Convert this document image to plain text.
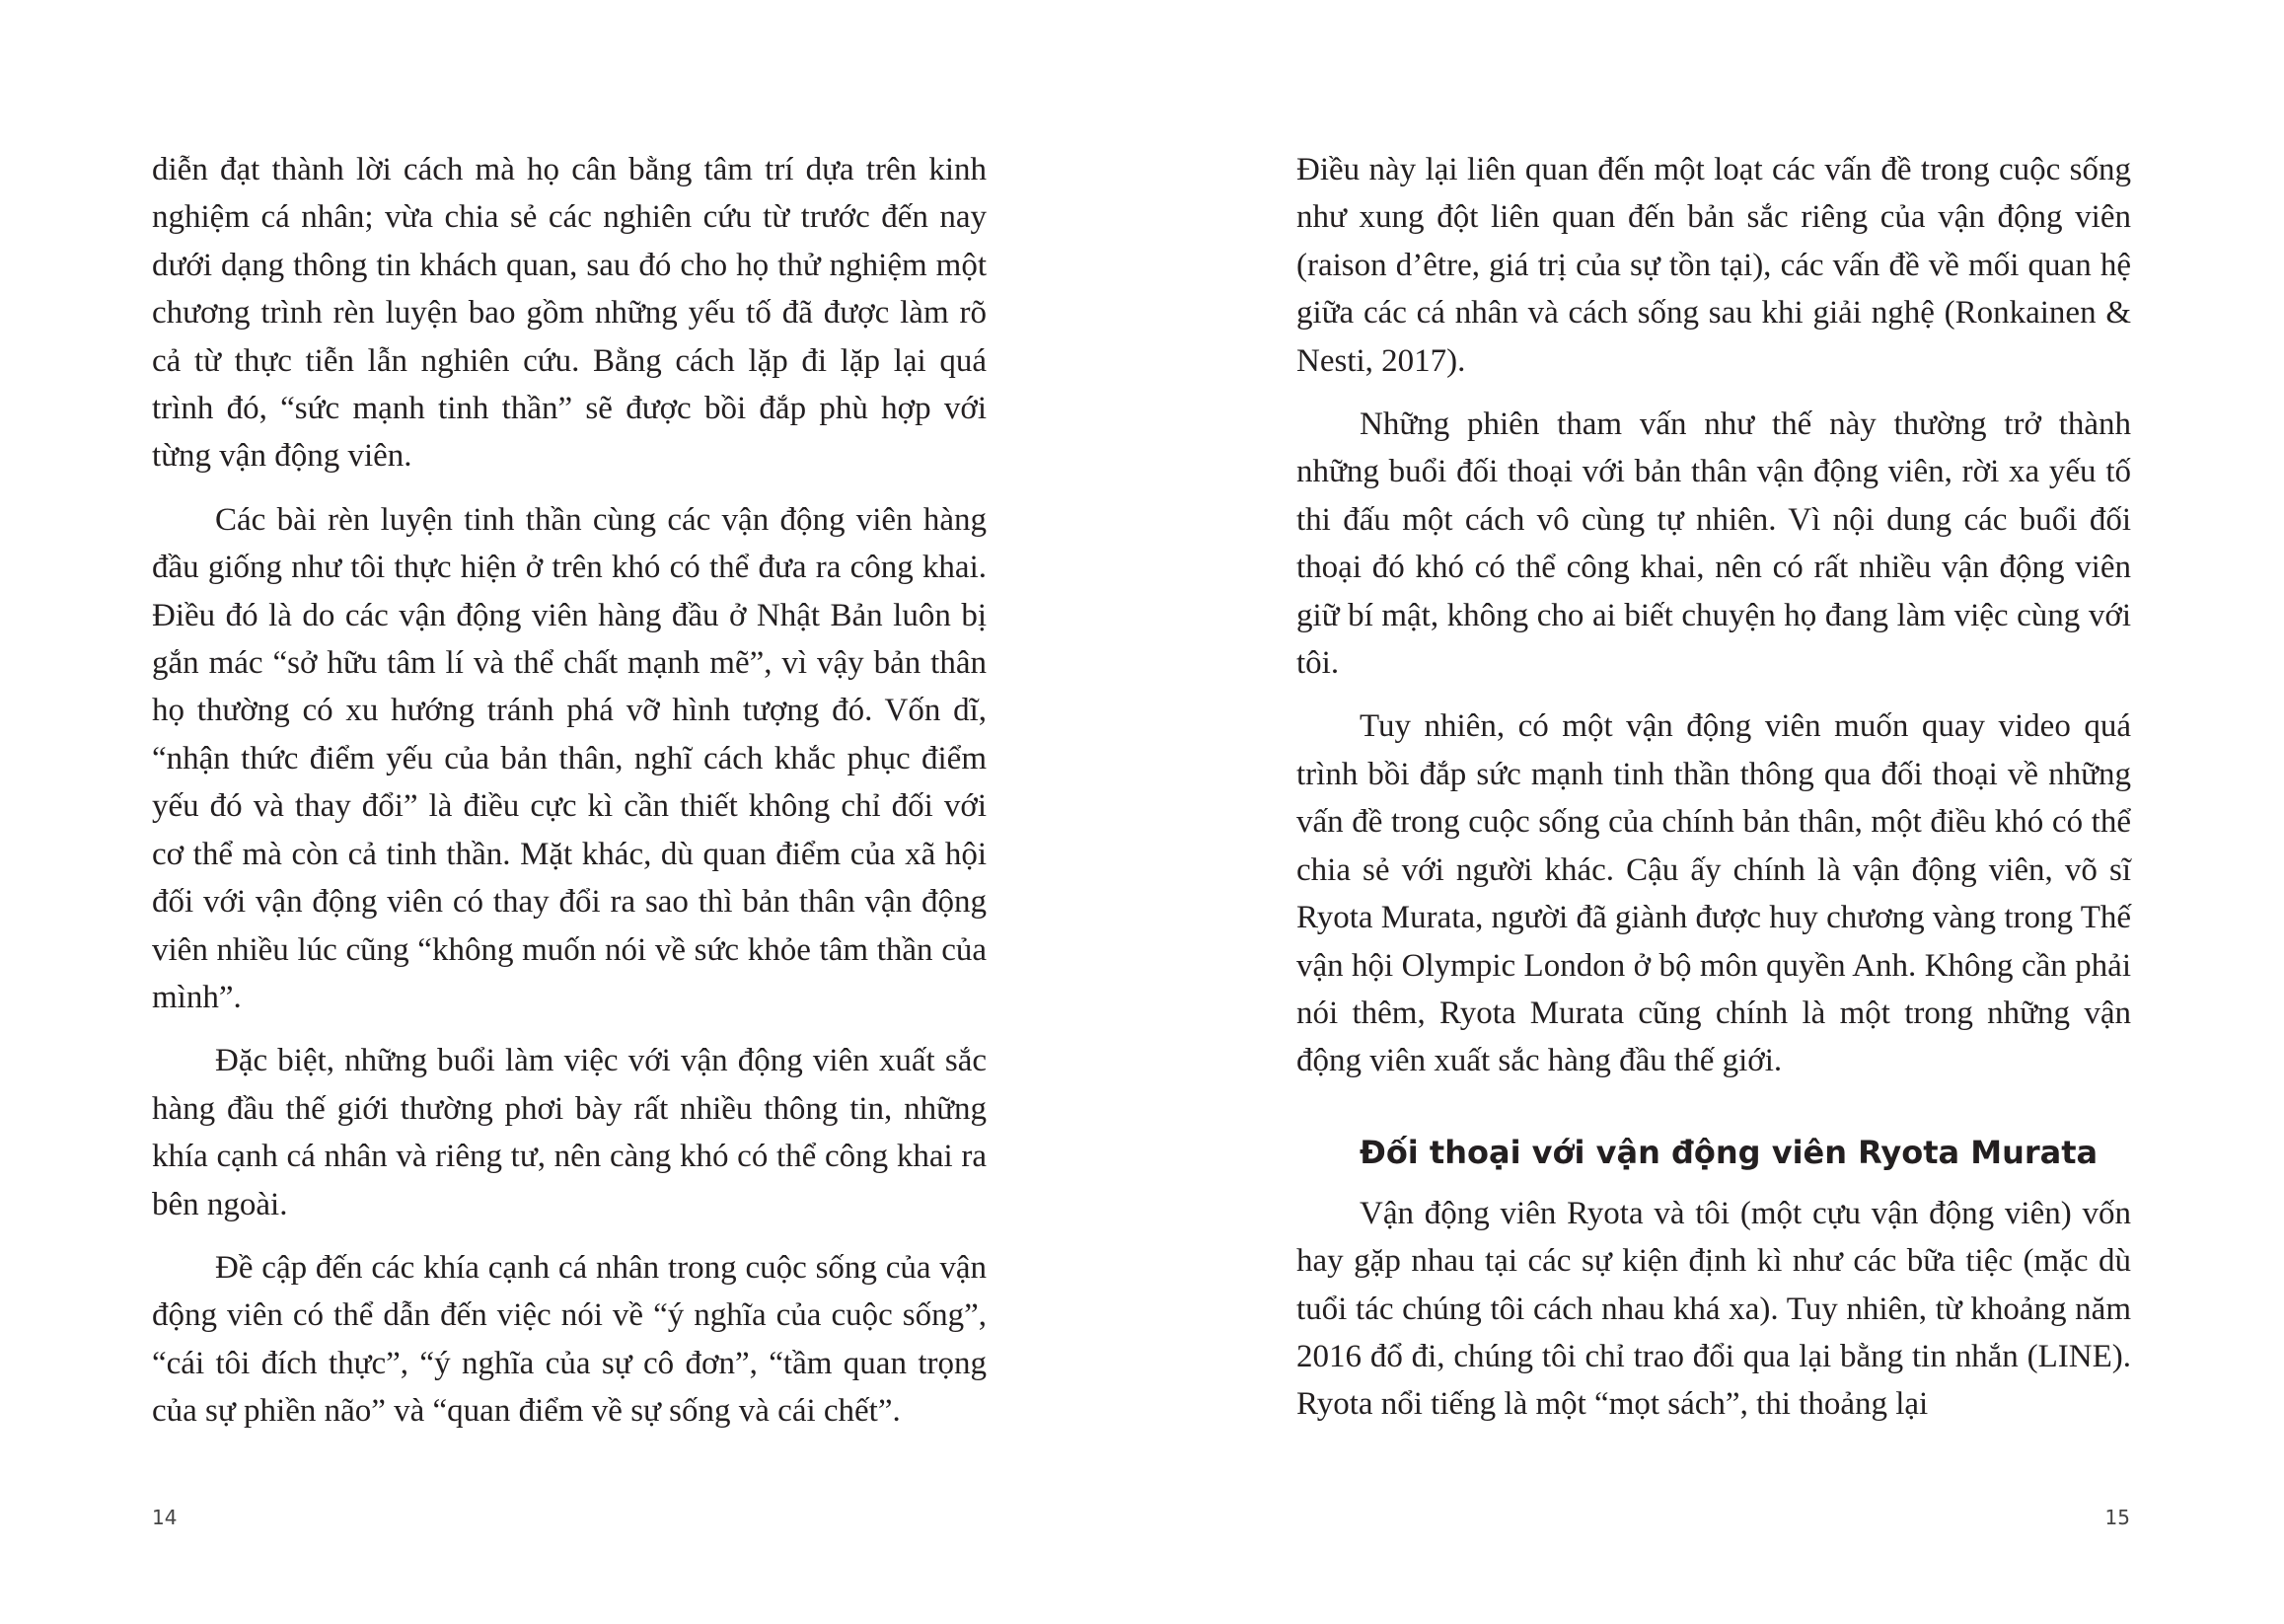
diễn đạt thành lời cách mà họ cân bằng tâm trí dựa trên kinh nghiệm cá nhân; vừa chia sẻ các nghiên cứu từ trước đến nay dưới dạng thông tin khách quan, sau đó cho họ thử nghiệm một chương trình rèn luyện bao gồm những yếu tố đã được làm rõ cả từ thực tiễn lẫn nghiên cứu. Bằng cách lặp đi lặp lại quá trình đó, “sức mạnh tinh thần” sẽ được bồi đắp phù hợp với từng vận động viên.

Các bài rèn luyện tinh thần cùng các vận động viên hàng đầu giống như tôi thực hiện ở trên khó có thể đưa ra công khai. Điều đó là do các vận động viên hàng đầu ở Nhật Bản luôn bị gắn mác “sở hữu tâm lí và thể chất mạnh mẽ”, vì vậy bản thân họ thường có xu hướng tránh phá vỡ hình tượng đó. Vốn dĩ, “nhận thức điểm yếu của bản thân, nghĩ cách khắc phục điểm yếu đó và thay đổi” là điều cực kì cần thiết không chỉ đối với cơ thể mà còn cả tinh thần. Mặt khác, dù quan điểm của xã hội đối với vận động viên có thay đổi ra sao thì bản thân vận động viên nhiều lúc cũng “không muốn nói về sức khỏe tâm thần của mình”.

Đặc biệt, những buổi làm việc với vận động viên xuất sắc hàng đầu thế giới thường phơi bày rất nhiều thông tin, những khía cạnh cá nhân và riêng tư, nên càng khó có thể công khai ra bên ngoài.

Đề cập đến các khía cạnh cá nhân trong cuộc sống của vận động viên có thể dẫn đến việc nói về “ý nghĩa của cuộc sống”, “cái tôi đích thực”, “ý nghĩa của sự cô đơn”, “tầm quan trọng của sự phiền não” và “quan điểm về sự sống và cái chết”.

14

Điều này lại liên quan đến một loạt các vấn đề trong cuộc sống như xung đột liên quan đến bản sắc riêng của vận động viên (raison d’être, giá trị của sự tồn tại), các vấn đề về mối quan hệ giữa các cá nhân và cách sống sau khi giải nghệ (Ronkainen & Nesti, 2017).

Những phiên tham vấn như thế này thường trở thành những buổi đối thoại với bản thân vận động viên, rời xa yếu tố thi đấu một cách vô cùng tự nhiên. Vì nội dung các buổi đối thoại đó khó có thể công khai, nên có rất nhiều vận động viên giữ bí mật, không cho ai biết chuyện họ đang làm việc cùng với tôi.

Tuy nhiên, có một vận động viên muốn quay video quá trình bồi đắp sức mạnh tinh thần thông qua đối thoại về những vấn đề trong cuộc sống của chính bản thân, một điều khó có thể chia sẻ với người khác. Cậu ấy chính là vận động viên, võ sĩ Ryota Murata, người đã giành được huy chương vàng trong Thế vận hội Olympic London ở bộ môn quyền Anh. Không cần phải nói thêm, Ryota Murata cũng chính là một trong những vận động viên xuất sắc hàng đầu thế giới.

Đối thoại với vận động viên Ryota Murata

Vận động viên Ryota và tôi (một cựu vận động viên) vốn hay gặp nhau tại các sự kiện định kì như các bữa tiệc (mặc dù tuổi tác chúng tôi cách nhau khá xa). Tuy nhiên, từ khoảng năm 2016 đổ đi, chúng tôi chỉ trao đổi qua lại bằng tin nhắn (LINE). Ryota nổi tiếng là một “mọt sách”, thi thoảng lại

15
